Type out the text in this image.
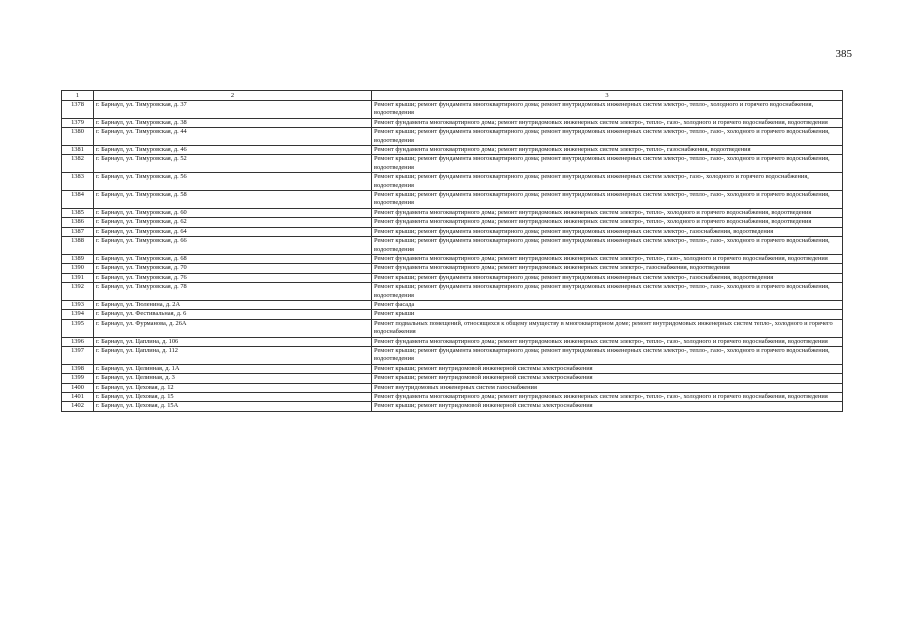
385
1	2	3
1378	г. Барнаул, ул. Тимуровская, д. 37	Ремонт крыши; ремонт фундамента многоквартирного дома; ремонт внутридомовых инженерных систем электро-, тепло-, холодного и горячего водоснабжения, водоотведения
1379	г. Барнаул, ул. Тимуровская, д. 38	Ремонт фундамента многоквартирного дома; ремонт внутридомовых инженерных систем электро-, тепло-, газо-, холодного и горячего водоснабжения, водоотведения
1380	г. Барнаул, ул. Тимуровская, д. 44	Ремонт крыши; ремонт фундамента многоквартирного дома; ремонт внутридомовых инженерных систем электро-, тепло-, газо-, холодного и горячего водоснабжения, водоотведения
1381	г. Барнаул, ул. Тимуровская, д. 46	Ремонт фундамента многоквартирного дома; ремонт внутридомовых инженерных систем электро-, тепло-, газоснабжения, водоотведения
1382	г. Барнаул, ул. Тимуровская, д. 52	Ремонт крыши; ремонт фундамента многоквартирного дома; ремонт внутридомовых инженерных систем электро-, тепло-, газо-, холодного и горячего водоснабжения, водоотведения
1383	г. Барнаул, ул. Тимуровская, д. 56	Ремонт крыши; ремонт фундамента многоквартирного дома; ремонт внутридомовых инженерных систем электро-, газо-, холодного и горячего водоснабжения, водоотведения
1384	г. Барнаул, ул. Тимуровская, д. 58	Ремонт крыши; ремонт фундамента многоквартирного дома; ремонт внутридомовых инженерных систем электро-, тепло-, газо-, холодного и горячего водоснабжения, водоотведения
1385	г. Барнаул, ул. Тимуровская, д. 60	Ремонт фундамента многоквартирного дома; ремонт внутридомовых инженерных систем электро-, тепло-, холодного и горячего водоснабжения, водоотведения
1386	г. Барнаул, ул. Тимуровская, д. 62	Ремонт фундамента многоквартирного дома; ремонт внутридомовых инженерных систем электро-, тепло-, холодного и горячего водоснабжения, водоотведения
1387	г. Барнаул, ул. Тимуровская, д. 64	Ремонт крыши; ремонт фундамента многоквартирного дома; ремонт внутридомовых инженерных систем электро-, газоснабжения, водоотведения
1388	г. Барнаул, ул. Тимуровская, д. 66	Ремонт крыши; ремонт фундамента многоквартирного дома; ремонт внутридомовых инженерных систем электро-, тепло-, газо-, холодного и горячего водоснабжения, водоотведения
1389	г. Барнаул, ул. Тимуровская, д. 68	Ремонт фундамента многоквартирного дома; ремонт внутридомовых инженерных систем электро-, тепло-, газо-, холодного и горячего водоснабжения, водоотведения
1390	г. Барнаул, ул. Тимуровская, д. 70	Ремонт фундамента многоквартирного дома; ремонт внутридомовых инженерных систем электро-, газоснабжения, водоотведения
1391	г. Барнаул, ул. Тимуровская, д. 76	Ремонт крыши; ремонт фундамента многоквартирного дома; ремонт внутридомовых инженерных систем электро-, газоснабжения, водоотведения
1392	г. Барнаул, ул. Тимуровская, д. 78	Ремонт крыши; ремонт фундамента многоквартирного дома; ремонт внутридомовых инженерных систем электро-, тепло-, газо-, холодного и горячего водоснабжения, водоотведения
1393	г. Барнаул, ул. Тюленина, д. 2А	Ремонт фасада
1394	г. Барнаул, ул. Фестивальная, д. 6	Ремонт крыши
1395	г. Барнаул, ул. Фурманова, д. 26А	Ремонт подвальных помещений, относящихся к общему имуществу в многоквартирном доме; ремонт внутридомовых инженерных систем тепло-, холодного и горячего водоснабжения
1396	г. Барнаул, ул. Цаплина, д. 106	Ремонт фундамента многоквартирного дома; ремонт внутридомовых инженерных систем электро-, тепло-, газо-, холодного и горячего водоснабжения, водоотведения
1397	г. Барнаул, ул. Цаплина, д. 112	Ремонт крыши; ремонт фундамента многоквартирного дома; ремонт внутридомовых инженерных систем электро-, тепло-, газо-, холодного и горячего водоснабжения, водоотведения
1398	г. Барнаул, ул. Целинная, д. 1А	Ремонт крыши; ремонт внутридомовой инженерной системы электроснабжения
1399	г. Барнаул, ул. Целинная, д. 3	Ремонт крыши; ремонт внутридомовой инженерной системы электроснабжения
1400	г. Барнаул, ул. Цеховая, д. 12	Ремонт внутридомовых инженерных систем газоснабжения
1401	г. Барнаул, ул. Цеховая, д. 15	Ремонт фундамента многоквартирного дома; ремонт внутридомовых инженерных систем электро-, тепло-, газо-, холодного и горячего водоснабжения, водоотведения
1402	г. Барнаул, ул. Цеховая, д. 15А	Ремонт крыши; ремонт внутридомовой инженерной системы электроснабжения
